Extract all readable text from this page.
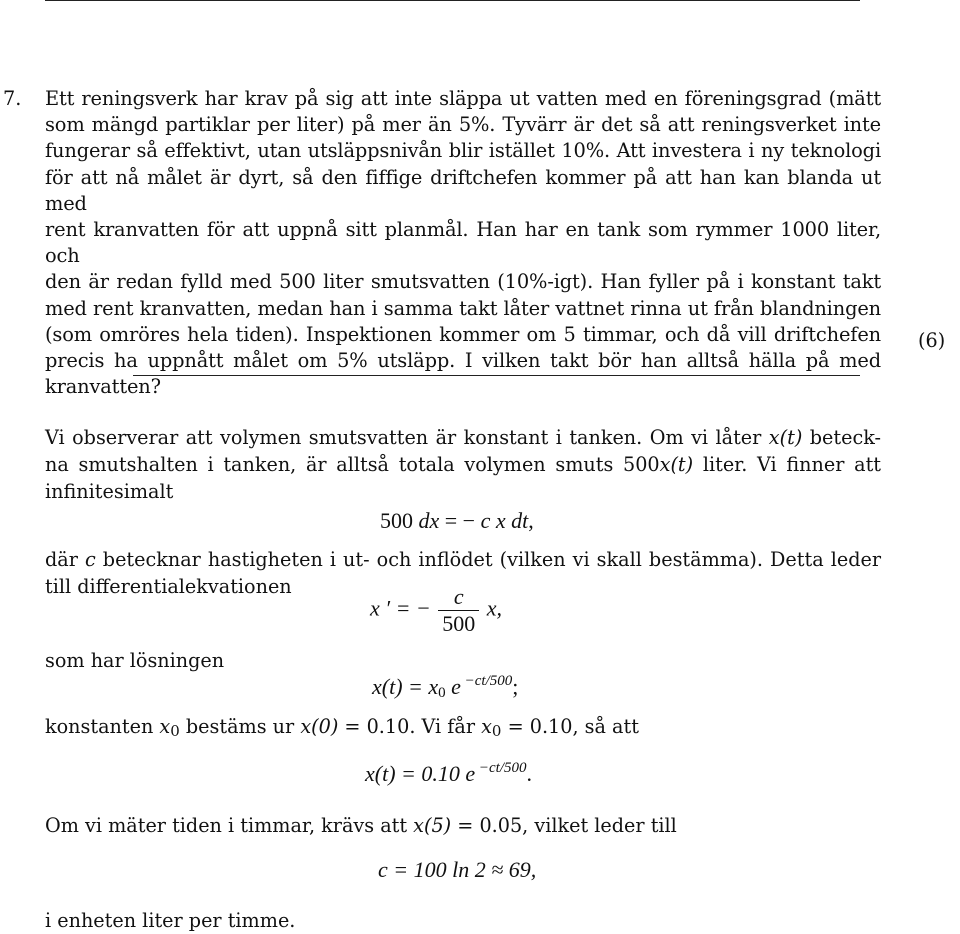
7. Ett reningsverk har krav på sig att inte släppa ut vatten med en föreningsgrad (mätt
som mängd partiklar per liter) på mer än 5%. Tyvärr är det så att reningsverket inte
fungerar så effektivt, utan utsläppsnivån blir istället 10%. Att investera i ny teknologi
för att nå målet är dyrt, så den fiffige driftchefen kommer på att han kan blanda ut med
rent kranvatten för att uppnå sitt planmål. Han har en tank som rymmer 1000 liter, och
den är redan fylld med 500 liter smutsvatten (10%-igt). Han fyller på i konstant takt
med rent kranvatten, medan han i samma takt låter vattnet rinna ut från blandningen
(som omröres hela tiden). Inspektionen kommer om 5 timmar, och då vill driftchefen
precis ha uppnått målet om 5% utsläpp. I vilken takt bör han alltså hälla på med
kranvatten?
(6)
Vi observerar att volymen smutsvatten är konstant i tanken. Om vi låter x(t) beteck-
na smutshalten i tanken, är alltså totala volymen smuts 500x(t) liter. Vi finner att
infinitesimalt
500 dx = − c x dt,
där c betecknar hastigheten i ut- och inflödet (vilken vi skall bestämma). Detta leder
till differentialekvationen
x ′ = − $\frac{c}{500} x$,
som har lösningen
$x(t) = x_0$ e $^{-ct/500}$;
konstanten $x_0$ bestäms ur x(0) = 0.10. Vi får $x_0 = 0.10$, så att
x(t) = 0.10 e $^{-ct/500}$.
Om vi mäter tiden i timmar, krävs att x(5) = 0.05, vilket leder till
c = 100 ln 2 ≈ 69,
i enheten liter per timme.
